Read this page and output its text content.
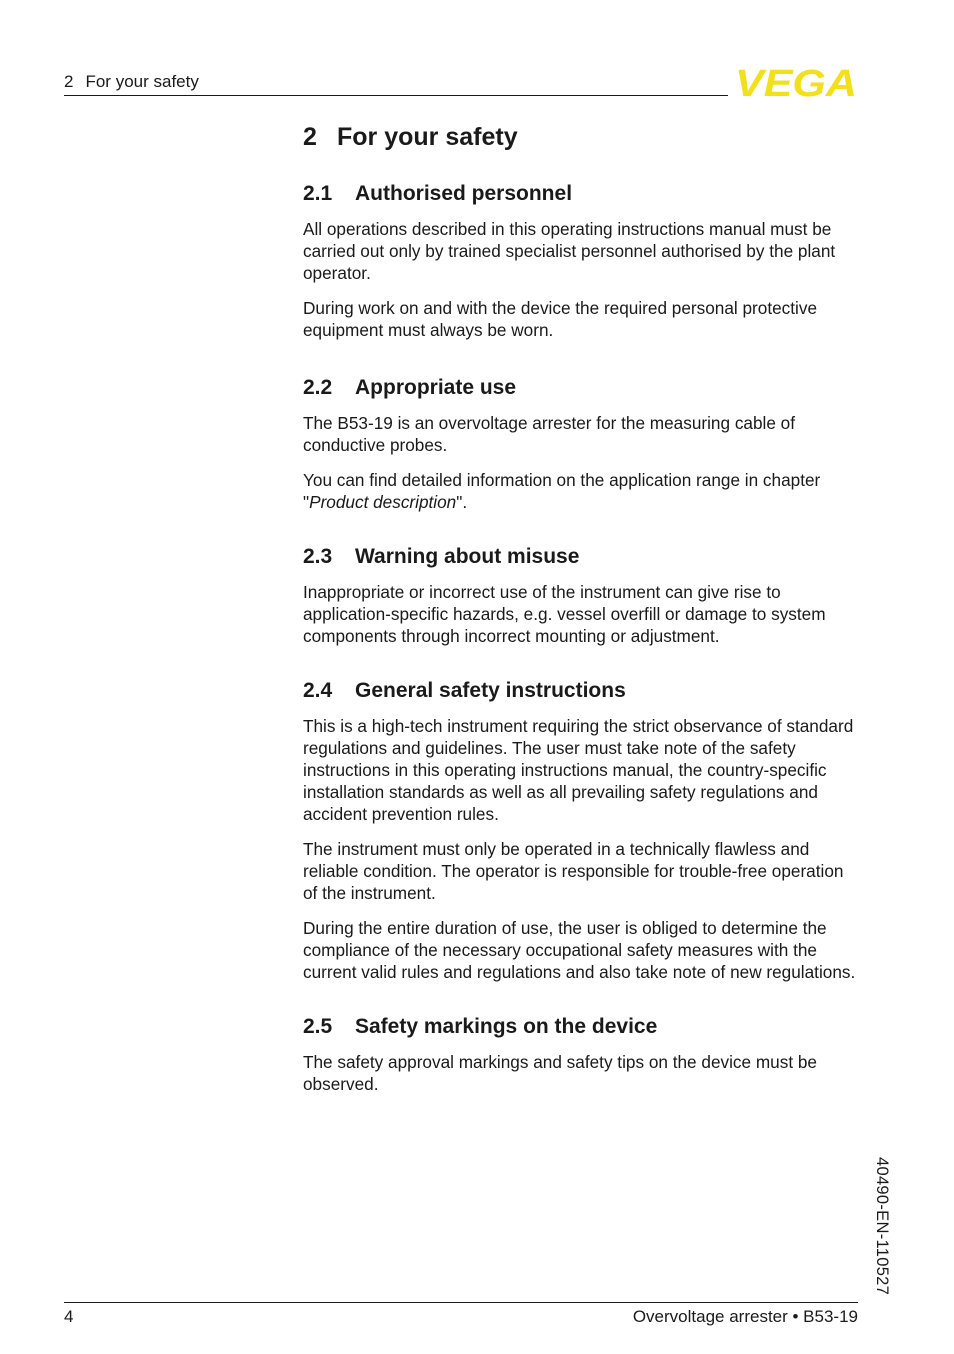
2 For your safety	VEGA
2 For your safety
2.1 Authorised personnel

All operations described in this operating instructions manual must be carried out only by trained specialist personnel authorised by the plant operator.

During work on and with the device the required personal protective equipment must always be worn.

2.2 Appropriate use

The B53-19 is an overvoltage arrester for the measuring cable of conductive probes.

You can find detailed information on the application range in chapter "Product description".

2.3 Warning about misuse

Inappropriate or incorrect use of the instrument can give rise to application-specific hazards, e.g. vessel overfill or damage to system components through incorrect mounting or adjustment.

2.4 General safety instructions

This is a high-tech instrument requiring the strict observance of standard regulations and guidelines. The user must take note of the safety instructions in this operating instructions manual, the country-specific installation standards as well as all prevailing safety regulations and accident prevention rules.

The instrument must only be operated in a technically flawless and reliable condition. The operator is responsible for trouble-free operation of the instrument.

During the entire duration of use, the user is obliged to determine the compliance of the necessary occupational safety measures with the current valid rules and regulations and also take note of new regulations.

2.5 Safety markings on the device

The safety approval markings and safety tips on the device must be observed.

40490-EN-110527
4	Overvoltage arrester • B53-19
